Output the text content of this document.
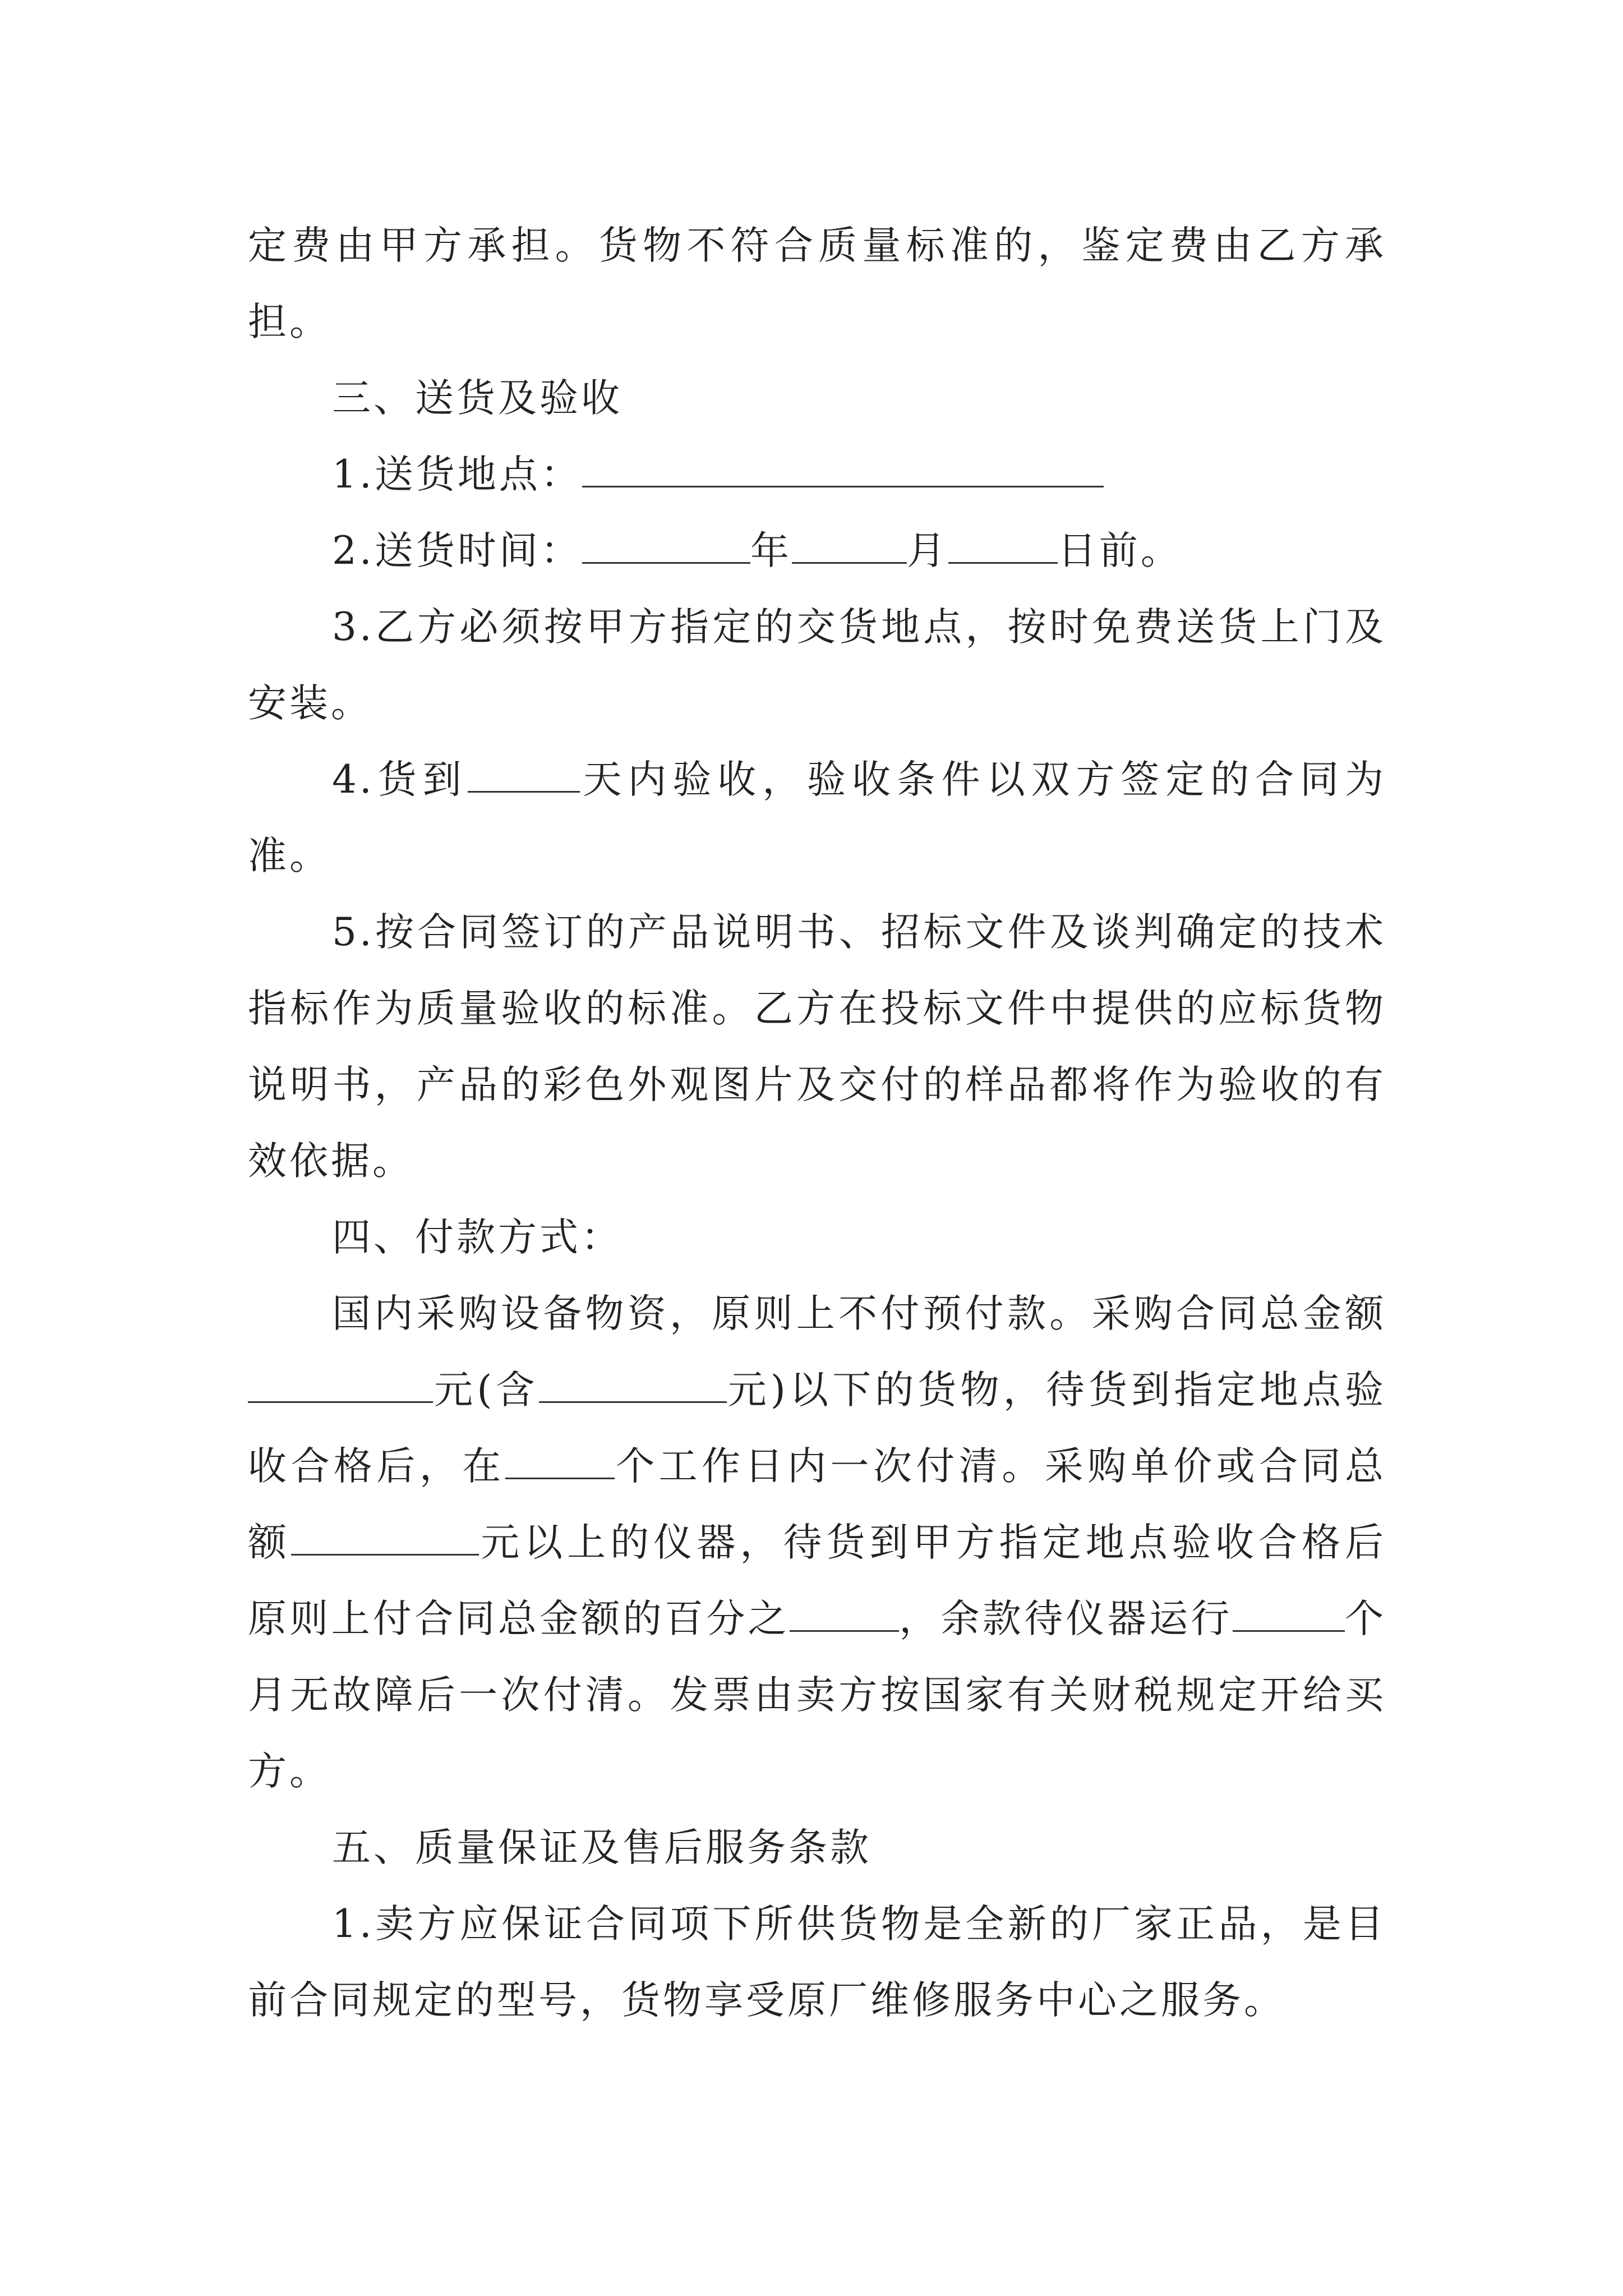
定费由甲方承担。货物不符合质量标准的，鉴定费由乙方承担。

三、送货及验收

1.送货地点：

2.送货时间：	年	月	日前。

3.乙方必须按甲方指定的交货地点，按时免费送货上门及安装。

4.货到	天内验收，验收条件以双方签定的合同为准。

5.按合同签订的产品说明书、招标文件及谈判确定的技术指标作为质量验收的标准。乙方在投标文件中提供的应标货物说明书，产品的彩色外观图片及交付的样品都将作为验收的有效依据。

四、付款方式：

国内采购设备物资，原则上不付预付款。采购合同总金额元(含	元)以下的货物，待货到指定地点验收合格后，在	个工作日内一次付清。采购单价或合同总额	元以上的仪器，待货到甲方指定地点验收合格后原则上付合同总金额的百分之	，余款待仪器运行	个月无故障后一次付清。发票由卖方按国家有关财税规定开给买方。

五、质量保证及售后服务条款

1.卖方应保证合同项下所供货物是全新的厂家正品，是目前合同规定的型号，货物享受原厂维修服务中心之服务。
